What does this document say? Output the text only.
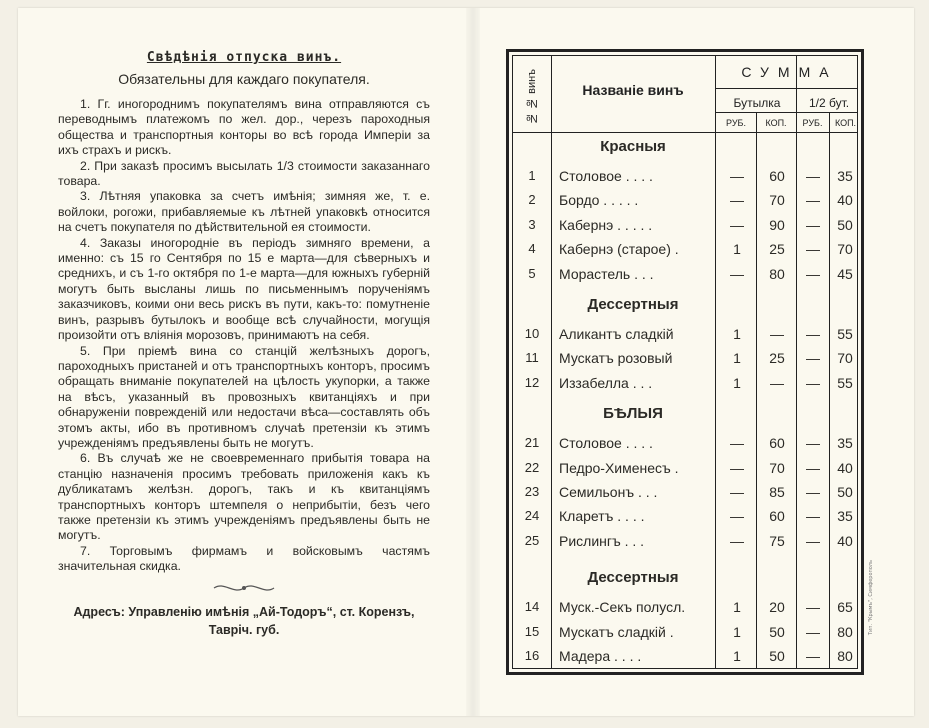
Свѣдѣнія отпуска винъ.
Обязательны для каждаго покупателя.

1. Гг. иногороднимъ покупателямъ вина отправляются съ переводнымъ платежомъ по жел. дор., черезъ пароходныя общества и транспортныя конторы во всѣ города Имперіи за ихъ страхъ и рискъ.

2. При заказѣ просимъ высылать 1/3 стоимости заказаннаго товара.

3. Лѣтняя упаковка за счетъ имѣнія; зимняя же, т. е. войлоки, рогожи, прибавляемые къ лѣтней упаковкѣ относится на счетъ покупателя по дѣйствительной ея стоимости.

4. Заказы иногородніе въ періодъ зимняго времени, а именно: съ 15 го Сентября по 15 е марта—для сѣверныхъ и среднихъ, и съ 1-го октября по 1-е марта—для южныхъ губерній могутъ быть высланы лишь по письменнымъ порученіямъ заказчиковъ, коими они весь рискъ въ пути, какъ-то: помутненіе винъ, разрывъ бутылокъ и вообще всѣ случайности, могущія произойти отъ вліянія морозовъ, принимаютъ на себя.

5. При пріемѣ вина со станцій желѣзныхъ дорогъ, пароходныхъ пристаней и отъ транспортныхъ конторъ, просимъ обращать вниманіе покупателей на цѣлость укупорки, а также на вѣсъ, указанный въ провозныхъ квитанціяхъ и при обнаруженіи поврежденій или недостачи вѣса—составлять объ этомъ акты, ибо въ противномъ случаѣ претензіи къ этимъ учрежденіямъ предъявлены быть не могутъ.

6. Въ случаѣ же не своевременнаго прибытія товара на станцію назначенія просимъ требовать приложенія какъ къ дубликатамъ желѣзн. дорогъ, такъ и къ квитанціямъ транспортныхъ конторъ штемпеля о неприбытіи, безъ чего также претензіи къ этимъ учрежденіямъ предъявлены быть не могутъ.

7. Торговымъ фирмамъ и войсковымъ частямъ значительная скидка.

Адресъ: Управленію имѣнія „Ай-Тодоръ“, ст. Корензъ,
Тавріч. губ.
№ № винъ	Названіе винъ
СУММА
Бутылка	1/2 бут.
РУБ.	КОП.	РУБ.	КОП.
Красныя
1	Столовое . . . .	—	60	—	35
2	Бордо . . . . .	—	70	—	40
3	Кабернэ . . . . .	—	90	—	50
4	Кабернэ (старое) .	1	25	—	70
5	Морастель . . .	—	80	—	45
Дессертныя
10	Аликантъ сладкій	1	—	—	55
11	Мускатъ розовый	1	25	—	70
12	Иззабелла . . .	1	—	—	55
БѢЛЫЯ
21	Столовое . . . .	—	60	—	35
22	Педро-Хименесъ .	—	70	—	40
23	Семильонъ . . .	—	85	—	50
24	Кларетъ . . . .	—	60	—	35
25	Рислингъ . . .	—	75	—	40
Дессертныя
14	Муск.-Секъ полусл.	1	20	—	65
15	Мускатъ сладкій .	1	50	—	80
16	Мадера . . . .	1	50	—	80
Тип. "Крымъ", Симферополь
